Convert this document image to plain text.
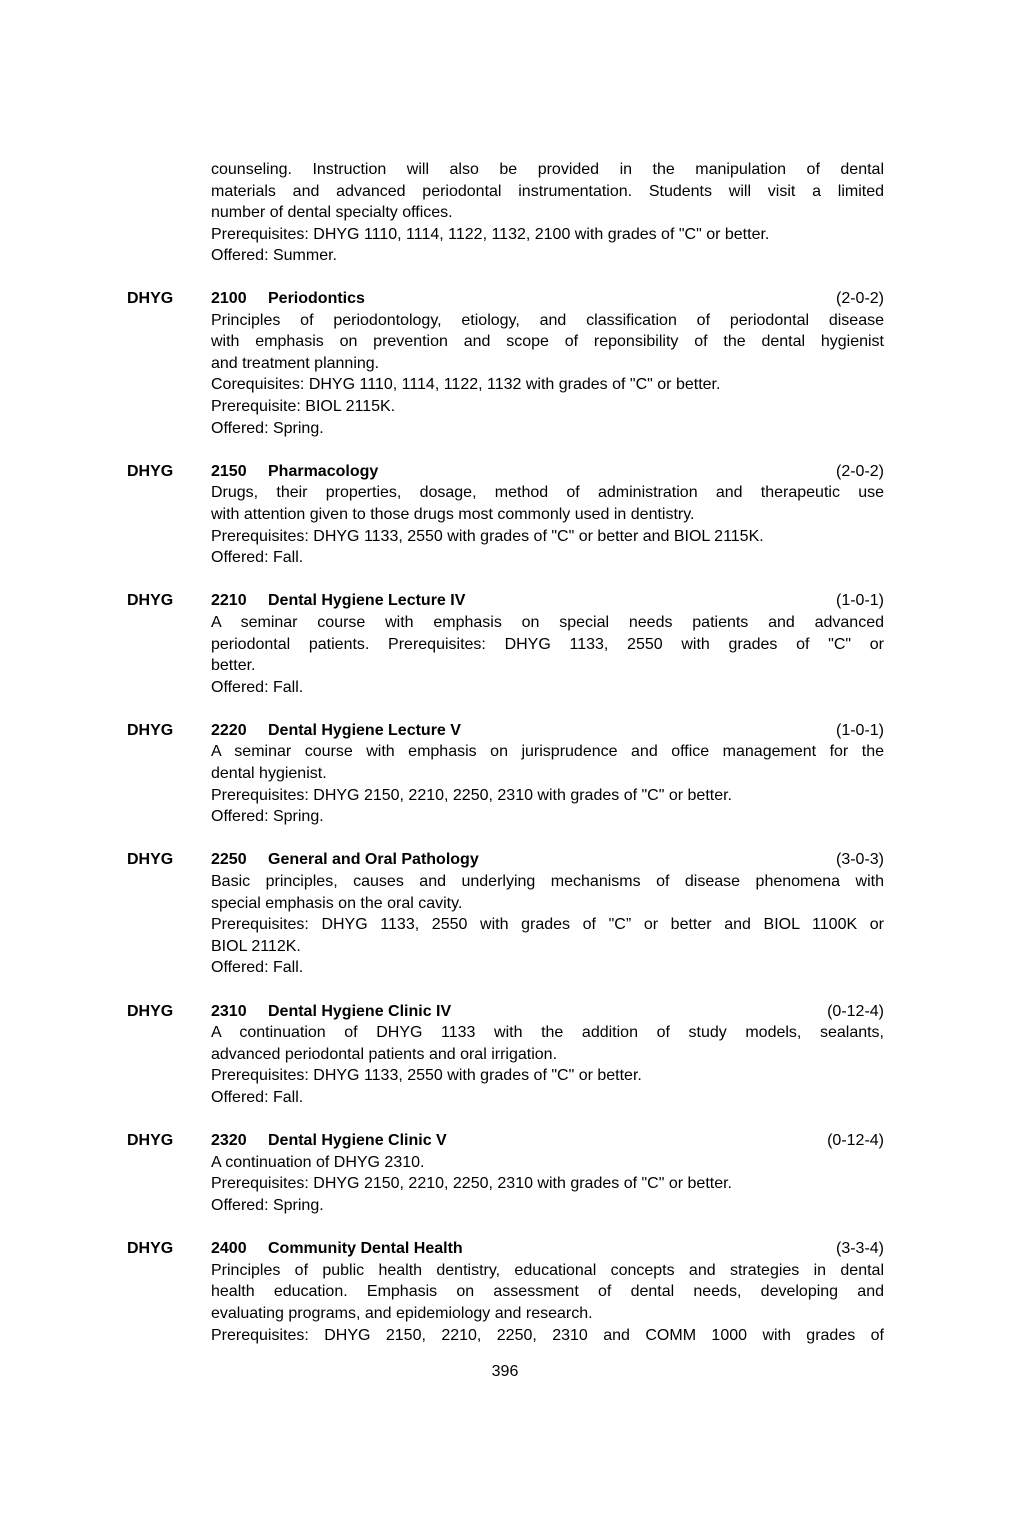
counseling. Instruction will also be provided in the manipulation of dental
materials and advanced periodontal instrumentation. Students will visit a limited
number of dental specialty offices.
Prerequisites: DHYG 1110, 1114, 1122, 1132, 2100 with grades of "C" or better.
Offered: Summer.
DHYG	2100	Periodontics	(2-0-2)
Principles of periodontology, etiology, and classification of periodontal disease
with emphasis on prevention and scope of reponsibility of the dental hygienist
and treatment planning.
Corequisites: DHYG 1110, 1114, 1122, 1132 with grades of "C" or better.
Prerequisite: BIOL 2115K.
Offered: Spring.
DHYG	2150	Pharmacology	(2-0-2)
Drugs, their properties, dosage, method of administration and therapeutic use
with attention given to those drugs most commonly used in dentistry.
Prerequisites: DHYG 1133, 2550 with grades of "C" or better and BIOL 2115K.
Offered: Fall.
DHYG	2210	Dental Hygiene Lecture IV	(1-0-1)
A seminar course with emphasis on special needs patients and advanced
periodontal patients. Prerequisites: DHYG 1133, 2550 with grades of "C" or
better.
Offered: Fall.
DHYG	2220	Dental Hygiene Lecture V	(1-0-1)
A seminar course with emphasis on jurisprudence and office management for the
dental hygienist.
Prerequisites: DHYG 2150, 2210, 2250, 2310 with grades of "C" or better.
Offered: Spring.
DHYG	2250	General and Oral Pathology	(3-0-3)
Basic principles, causes and underlying mechanisms of disease phenomena with
special emphasis on the oral cavity.
Prerequisites: DHYG 1133, 2550 with grades of "C” or better and BIOL 1100K or
BIOL 2112K.
Offered: Fall.
DHYG	2310	Dental Hygiene Clinic IV	(0-12-4)
A continuation of DHYG 1133 with the addition of study models, sealants,
advanced periodontal patients and oral irrigation.
Prerequisites: DHYG 1133, 2550 with grades of "C" or better.
Offered: Fall.
DHYG	2320	Dental Hygiene Clinic V	(0-12-4)
A continuation of DHYG 2310.
Prerequisites: DHYG 2150, 2210, 2250, 2310 with grades of "C" or better.
Offered: Spring.
DHYG	2400	Community Dental Health	(3-3-4)
Principles of public health dentistry, educational concepts and strategies in dental
health education. Emphasis on assessment of dental needs, developing and
evaluating programs, and epidemiology and research.
Prerequisites: DHYG 2150, 2210, 2250, 2310 and COMM 1000 with grades of
396
